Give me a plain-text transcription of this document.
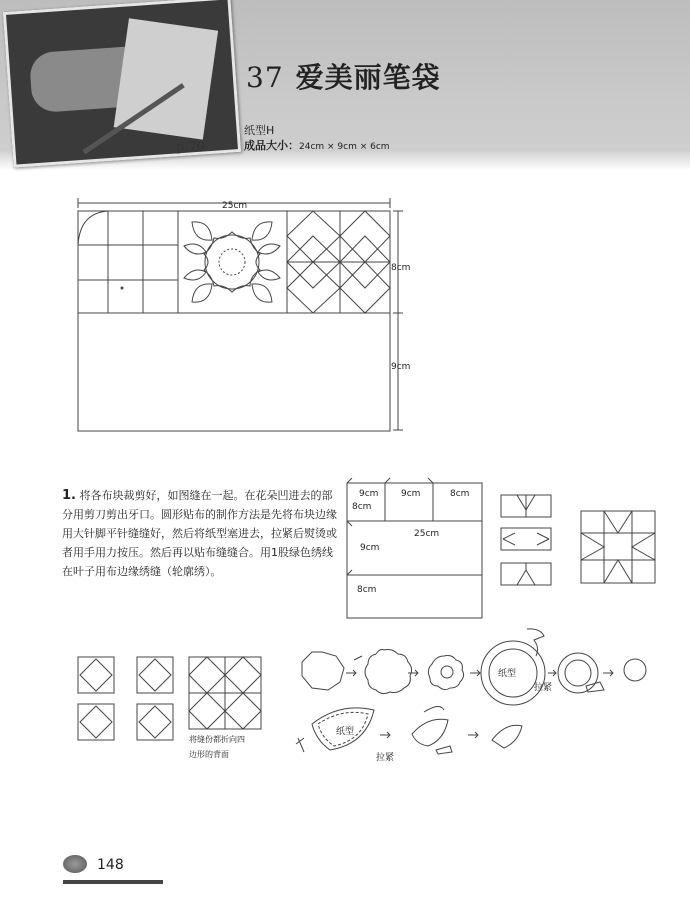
p.70
37 爱美丽笔袋
纸型H
成品大小：24cm × 9cm × 6cm
25cm
8cm
9cm
9cm
8cm
9cm	8cm
25cm
9cm
8cm
将缝份都折向四
边形的背面
纸型
拉紧
纸型
拉紧
1. 将各布块裁剪好，如图缝在一起。在花朵凹进去的部分用剪刀剪出牙口。圆形贴布的制作方法是先将布块边缘用大针脚平针缝缝好，然后将纸型塞进去，拉紧后熨烫或者用手用力按压。然后再以贴布缝缝合。用1股绿色绣线在叶子用布边缘绣缝（轮廓绣）。
148
